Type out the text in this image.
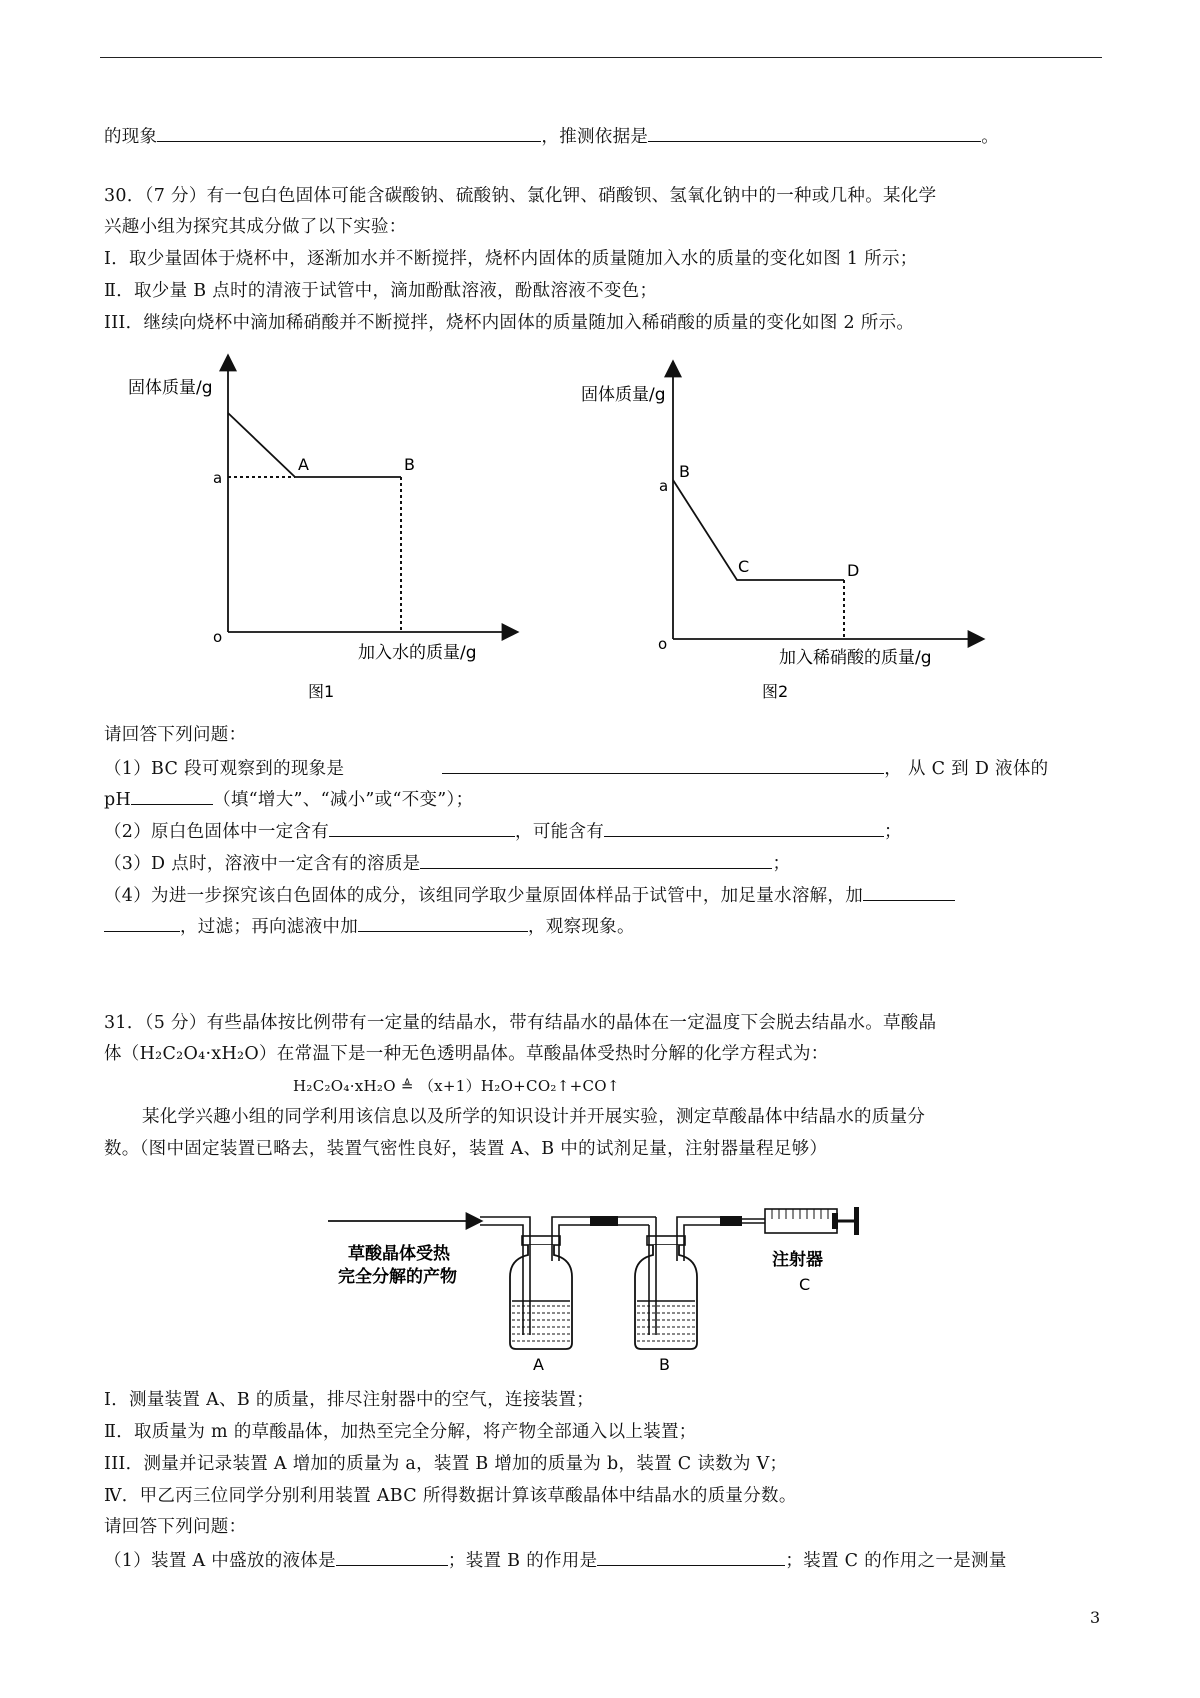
的现象	，推测依据是	。
30．（7 分）有一包白色固体可能含碳酸钠、硫酸钠、氯化钾、硝酸钡、氢氧化钠中的一种或几种。某化学
兴趣小组为探究其成分做了以下实验：
Ⅰ．取少量固体于烧杯中，逐渐加水并不断搅拌，烧杯内固体的质量随加入水的质量的变化如图 1 所示；
Ⅱ．取少量 B 点时的清液于试管中，滴加酚酞溶液，酚酞溶液不变色；
III．继续向烧杯中滴加稀硝酸并不断搅拌，烧杯内固体的质量随加入稀硝酸的质量的变化如图 2 所示。
固体质量/g
a
A	B
o
加入水的质量/g
图1
固体质量/g
a
B
C	D
o
加入稀硝酸的质量/g
图2
请回答下列问题：
（1）BC 段可观察到的现象是	， 从 C 到 D 液体的
pH	（填“增大”、“减小”或“不变”）；
（2）原白色固体中一定含有	，可能含有	；
（3）D 点时，溶液中一定含有的溶质是	；
（4）为进一步探究该白色固体的成分，该组同学取少量原固体样品于试管中，加足量水溶解，加
，过滤；再向滤液中加	，观察现象。
31．（5 分）有些晶体按比例带有一定量的结晶水，带有结晶水的晶体在一定温度下会脱去结晶水。草酸晶
体（H₂C₂O₄·xH₂O）在常温下是一种无色透明晶体。草酸晶体受热时分解的化学方程式为：
H₂C₂O₄·xH₂O ≜ （x+1）H₂O+CO₂↑+CO↑
某化学兴趣小组的同学利用该信息以及所学的知识设计并开展实验，测定草酸晶体中结晶水的质量分
数。（图中固定装置已略去，装置气密性良好，装置 A、B 中的试剂足量，注射器量程足够）
草酸晶体受热
完全分解的产物
A	B
注射器
C
Ⅰ．测量装置 A、B 的质量，排尽注射器中的空气，连接装置；
Ⅱ．取质量为 m 的草酸晶体，加热至完全分解，将产物全部通入以上装置；
III．测量并记录装置 A 增加的质量为 a，装置 B 增加的质量为 b，装置 C 读数为 V；
Ⅳ．甲乙丙三位同学分别利用装置 ABC 所得数据计算该草酸晶体中结晶水的质量分数。
请回答下列问题：
（1）装置 A 中盛放的液体是	；装置 B 的作用是	；装置 C 的作用之一是测量
3
